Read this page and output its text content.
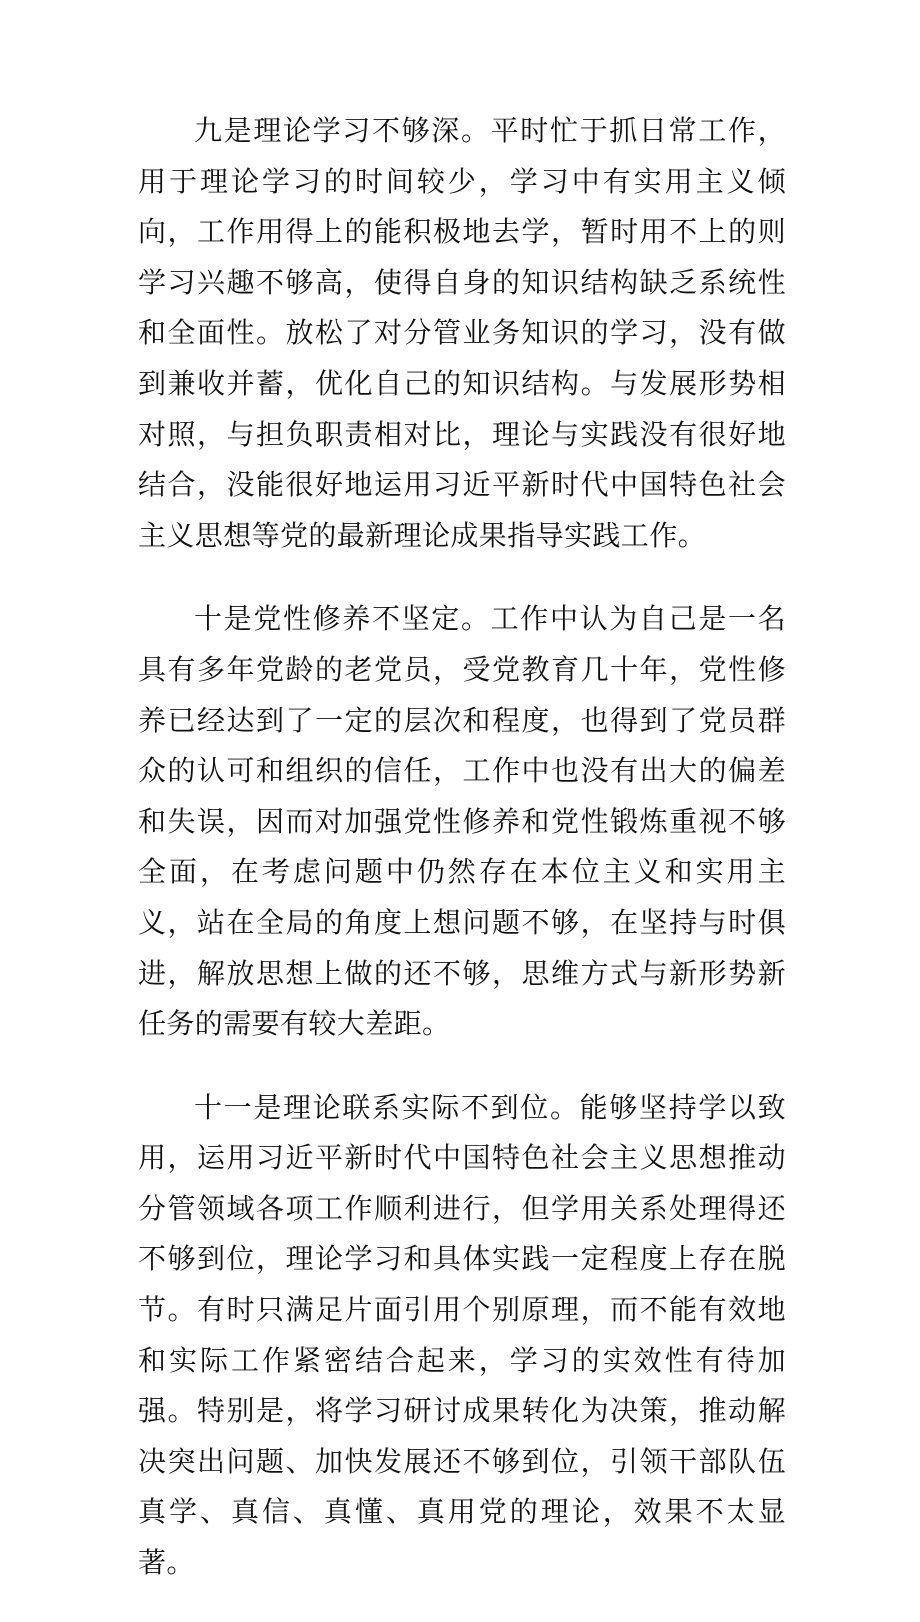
九是理论学习不够深。平时忙于抓日常工作，用于理论学习的时间较少，学习中有实用主义倾向，工作用得上的能积极地去学，暂时用不上的则学习兴趣不够高，使得自身的知识结构缺乏系统性和全面性。放松了对分管业务知识的学习，没有做到兼收并蓄，优化自己的知识结构。与发展形势相对照，与担负职责相对比，理论与实践没有很好地结合，没能很好地运用习近平新时代中国特色社会主义思想等党的最新理论成果指导实践工作。

十是党性修养不坚定。工作中认为自己是一名具有多年党龄的老党员，受党教育几十年，党性修养已经达到了一定的层次和程度，也得到了党员群众的认可和组织的信任，工作中也没有出大的偏差和失误，因而对加强党性修养和党性锻炼重视不够全面，在考虑问题中仍然存在本位主义和实用主义，站在全局的角度上想问题不够，在坚持与时俱进，解放思想上做的还不够，思维方式与新形势新任务的需要有较大差距。

十一是理论联系实际不到位。能够坚持学以致用，运用习近平新时代中国特色社会主义思想推动分管领域各项工作顺利进行，但学用关系处理得还不够到位，理论学习和具体实践一定程度上存在脱节。有时只满足片面引用个别原理，而不能有效地和实际工作紧密结合起来，学习的实效性有待加强。特别是，将学习研讨成果转化为决策，推动解决突出问题、加快发展还不够到位，引领干部队伍真学、真信、真懂、真用党的理论，效果不太显著。
